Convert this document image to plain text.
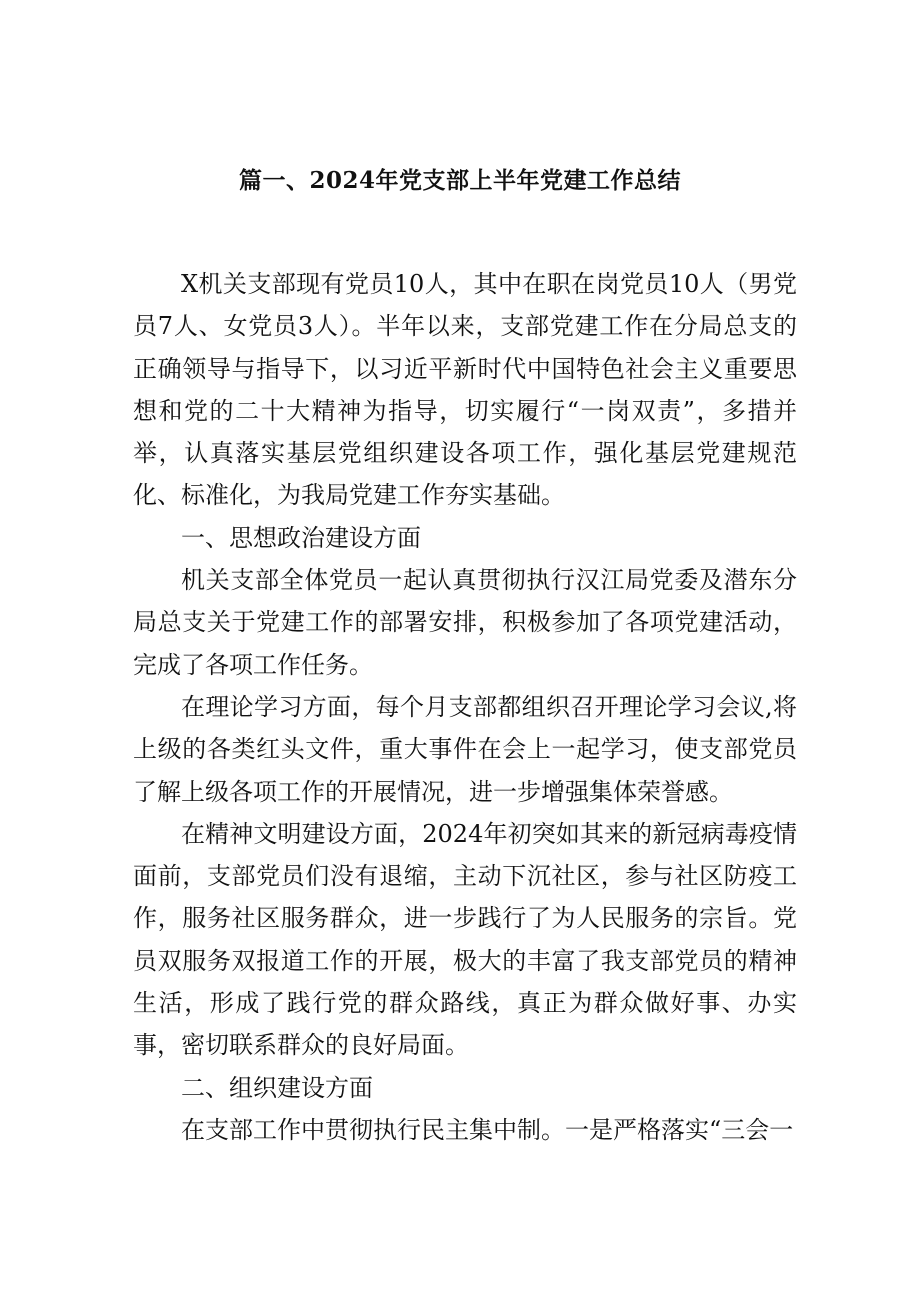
篇一、2024年党支部上半年党建工作总结

X机关支部现有党员10人，其中在职在岗党员10人（男党员7人、女党员3人）。半年以来，支部党建工作在分局总支的正确领导与指导下，以习近平新时代中国特色社会主义重要思想和党的二十大精神为指导，切实履行“一岗双责”，多措并举，认真落实基层党组织建设各项工作，强化基层党建规范化、标准化，为我局党建工作夯实基础。

一、思想政治建设方面

机关支部全体党员一起认真贯彻执行汉江局党委及潜东分局总支关于党建工作的部署安排，积极参加了各项党建活动，完成了各项工作任务。

在理论学习方面，每个月支部都组织召开理论学习会议,将上级的各类红头文件，重大事件在会上一起学习，使支部党员了解上级各项工作的开展情况，进一步增强集体荣誉感。

在精神文明建设方面，2024年初突如其来的新冠病毒疫情面前，支部党员们没有退缩，主动下沉社区，参与社区防疫工作，服务社区服务群众，进一步践行了为人民服务的宗旨。党员双服务双报道工作的开展，极大的丰富了我支部党员的精神生活，形成了践行党的群众路线，真正为群众做好事、办实事，密切联系群众的良好局面。

二、组织建设方面

在支部工作中贯彻执行民主集中制。一是严格落实“三会一
